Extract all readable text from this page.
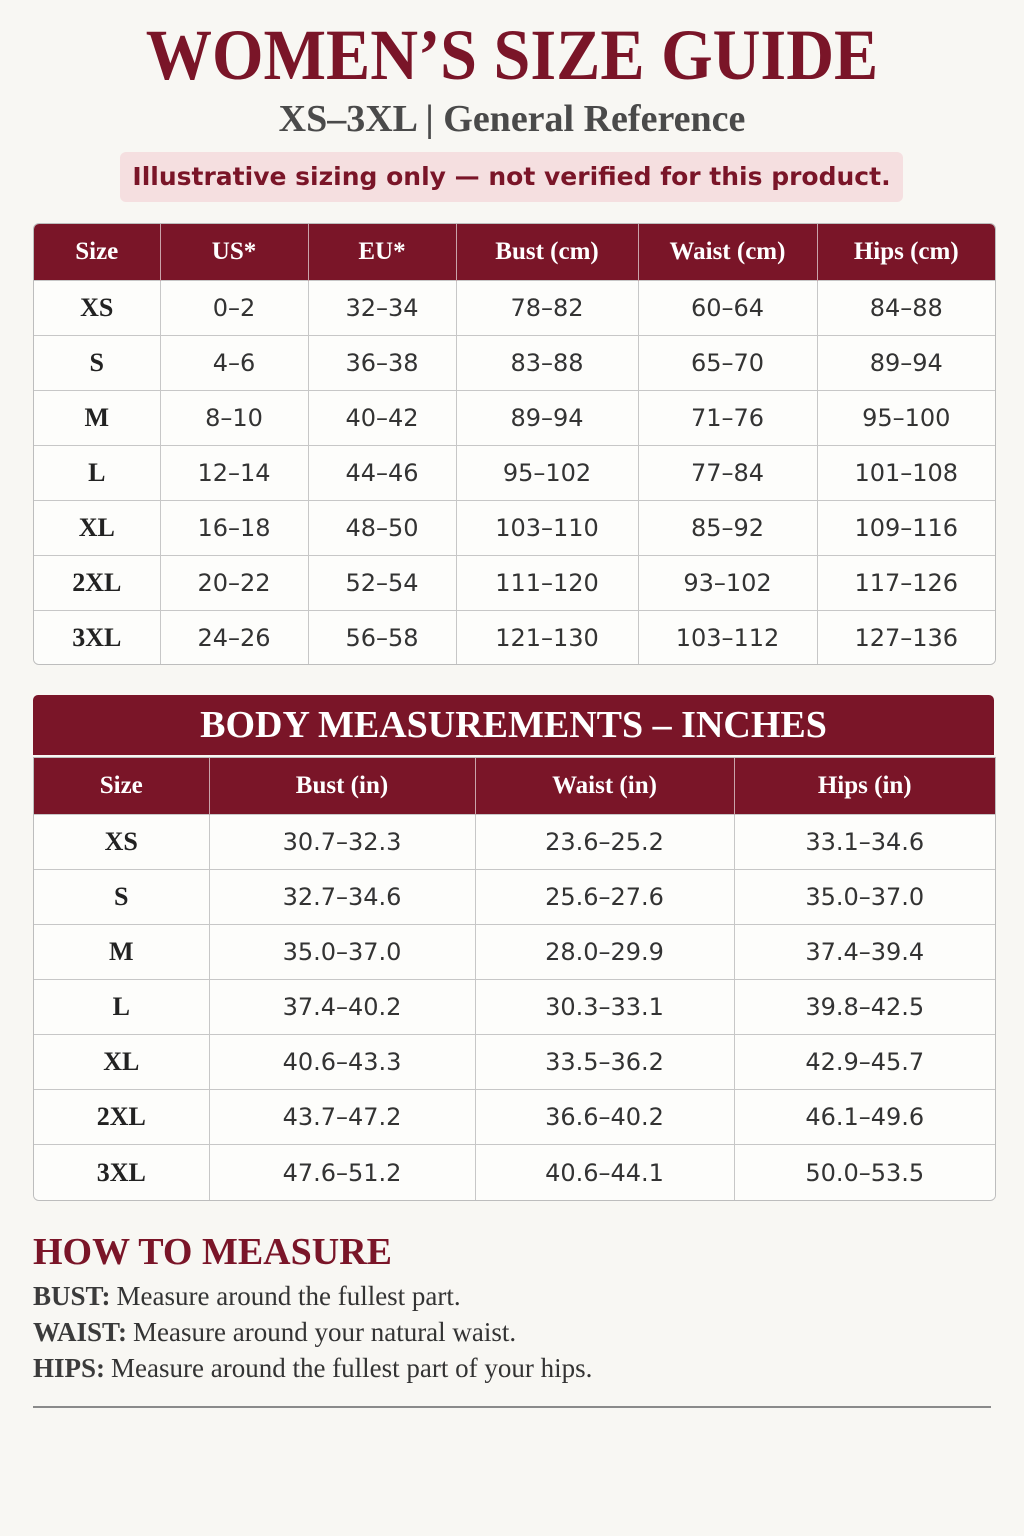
WOMEN’S SIZE GUIDE
XS–3XL | General Reference
Illustrative sizing only — not verified for this product.
Size	US*	EU*	Bust (cm)	Waist (cm)	Hips (cm)
XS	0–2	32–34	78–82	60–64	84–88
S	4–6	36–38	83–88	65–70	89–94
M	8–10	40–42	89–94	71–76	95–100
L	12–14	44–46	95–102	77–84	101–108
XL	16–18	48–50	103–110	85–92	109–116
2XL	20–22	52–54	111–120	93–102	117–126
3XL	24–26	56–58	121–130	103–112	127–136
BODY MEASUREMENTS – INCHES
Size	Bust (in)	Waist (in)	Hips (in)
XS	30.7–32.3	23.6–25.2	33.1–34.6
S	32.7–34.6	25.6–27.6	35.0–37.0
M	35.0–37.0	28.0–29.9	37.4–39.4
L	37.4–40.2	30.3–33.1	39.8–42.5
XL	40.6–43.3	33.5–36.2	42.9–45.7
2XL	43.7–47.2	36.6–40.2	46.1–49.6
3XL	47.6–51.2	40.6–44.1	50.0–53.5
HOW TO MEASURE
BUST: Measure around the fullest part.
WAIST: Measure around your natural waist.
HIPS: Measure around the fullest part of your hips.
